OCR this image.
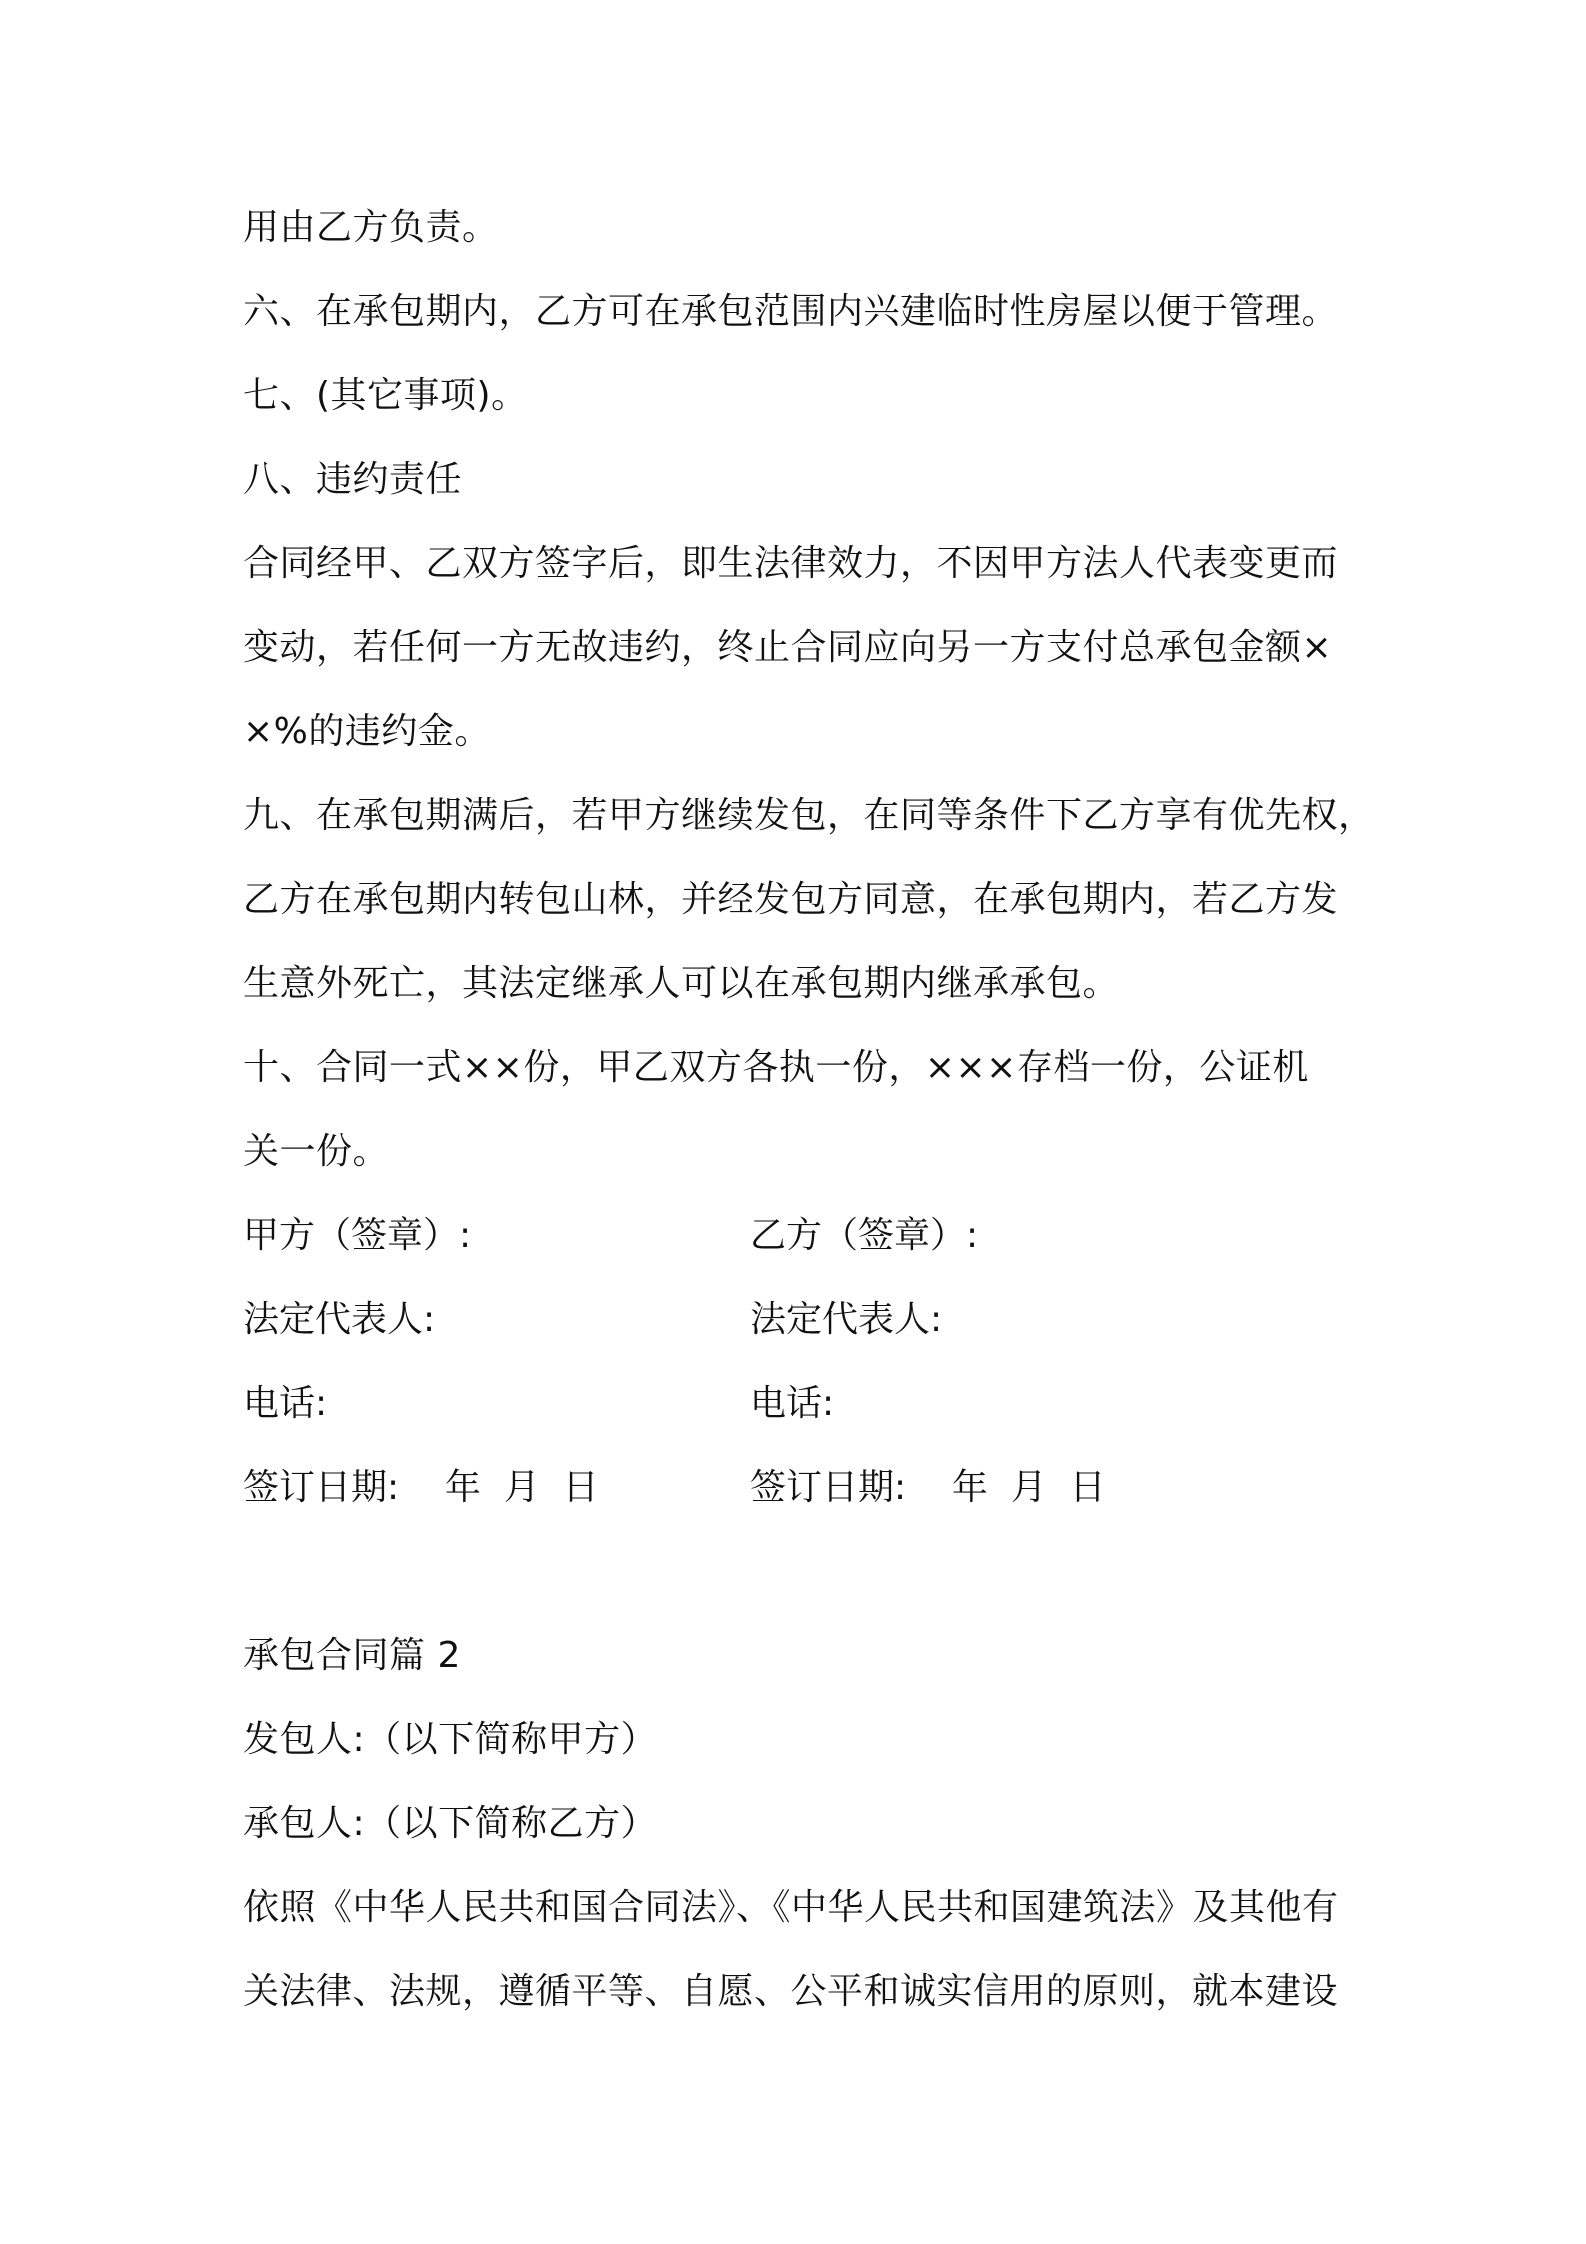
用由乙方负责。

六、在承包期内，乙方可在承包范围内兴建临时性房屋以便于管理。

七、(其它事项)。

八、违约责任

合同经甲、乙双方签字后，即生法律效力，不因甲方法人代表变更而

变动，若任何一方无故违约，终止合同应向另一方支付总承包金额×

×%的违约金。

九、在承包期满后，若甲方继续发包，在同等条件下乙方享有优先权，

乙方在承包期内转包山林，并经发包方同意，在承包期内，若乙方发

生意外死亡，其法定继承人可以在承包期内继承承包。

十、合同一式××份，甲乙双方各执一份，×××存档一份，公证机

关一份。

甲方（签章）:	乙方（签章）:

法定代表人:	法定代表人:

电话:	电话:

签订日期:    年  月  日	签订日期:    年  月  日

承包合同篇 2

发包人:（以下简称甲方）

承包人:（以下简称乙方）

依照《中华人民共和国合同法》、《中华人民共和国建筑法》及其他有

关法律、法规，遵循平等、自愿、公平和诚实信用的原则，就本建设
